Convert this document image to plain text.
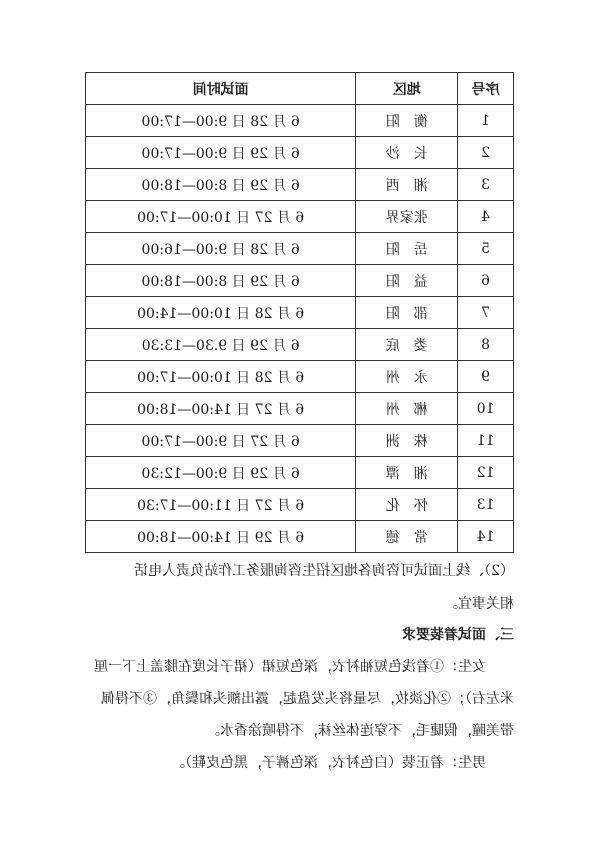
序号	地区	面试时间
1	衡　阳	6 月 28 日 9:00—17:00
2	长　沙	6 月 29 日 9:00—17:00
3	湘　西	6 月 29 日 8:00—18:00
4	张家界	6 月 27 日 10:00—17:00
5	岳　阳	6 月 28 日 9:00—16:00
6	益　阳	6 月 29 日 8:00—18:00
7	邵　阳	6 月 28 日 10:00—14:00
8	娄　底	6 月 29 日 9.30—13:30
9	永　州	6 月 28 日 10:00—17:00
10	郴　州	6 月 27 日 14:00—18:00
11	株　洲	6 月 27 日 9:00—17:00
12	湘　潭	6 月 29 日 9:00—12:30
13	怀　化	6 月 27 日 11:00—17:30
14	常　德	6 月 29 日 14:00—18:00

（2）、线上面试可咨询各地区招生咨询服务工作站负责人电话

相关事宜。

三、面试着装要求

女生：①着浅色短袖衬衣，深色短裙（裙子长度在膝盖上下一厘

米左右）；②化淡妆，尽量将头发盘起，露出额头和鬓角，③不得佩

带美瞳，假睫毛，不穿连体丝袜，不得喷涂香水。

男生：着正装（白色衬衣，深色裤子，黑色皮鞋）。
